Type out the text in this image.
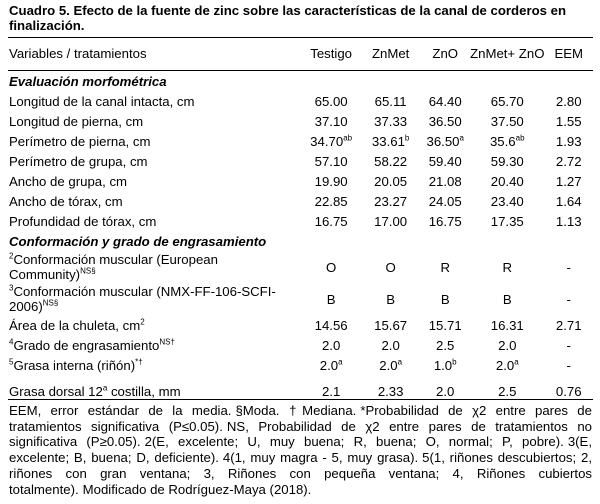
Cuadro 5. Efecto de la fuente de zinc sobre las características de la canal de corderos en finalización.
Variables / tratamientos	Testigo	ZnMet	ZnO	ZnMet+ ZnO	EEM
Evaluación morfométrica					
Longitud de la canal intacta, cm	65.00	65.11	64.40	65.70	2.80
Longitud de pierna, cm	37.10	37.33	36.50	37.50	1.55
Perímetro de pierna, cm	34.70$^{ab}$	33.61$^b$	36.50$^a$	35.6$^{ab}$	1.93
Perímetro de grupa, cm	57.10	58.22	59.40	59.30	2.72
Ancho de grupa, cm	19.90	20.05	21.08	20.40	1.27
Ancho de tórax, cm	22.85	23.27	24.05	23.40	1.64
Profundidad de tórax, cm	16.75	17.00	16.75	17.35	1.13
Conformación y grado de engrasamiento					
$^2$Conformación muscular (European Community)$^{NS\S}$	O	O	R	R	-
$^3$Conformación muscular (NMX-FF-106-SCFI-2006)$^{NS\S}$	B	B	B	B	-
Área de la chuleta, $cm^2$	14.56	15.67	15.71	16.31	2.71
$^4$Grado de engrasamiento$^{NS\dagger}$	2.0	2.0	2.5	2.0	-
$^5$Grasa interna (riñón)*†	2.0$^a$	2.0$^a$	1.0$^b$	2.0$^a$	-
Grasa dorsal 12$^a$ costilla, mm	2.1	2.33	2.0	2.5	0.76
EEM, error estándar de la media. §Moda. †Mediana. *Probabilidad de χ2 entre pares de tratamientos significativa (P≤0.05). NS, Probabilidad de χ2 entre pares de tratamientos no significativa (P≥0.05). 2(E, excelente; U, muy buena; R, buena; O, normal; P, pobre). 3(E, excelente; B, buena; D, deficiente). 4(1, muy magra - 5, muy grasa). 5(1, riñones descubiertos; 2, riñones con gran ventana; 3, Riñones con pequeña ventana; 4, Riñones cubiertos totalmente). Modificado de Rodríguez-Maya (2018).
